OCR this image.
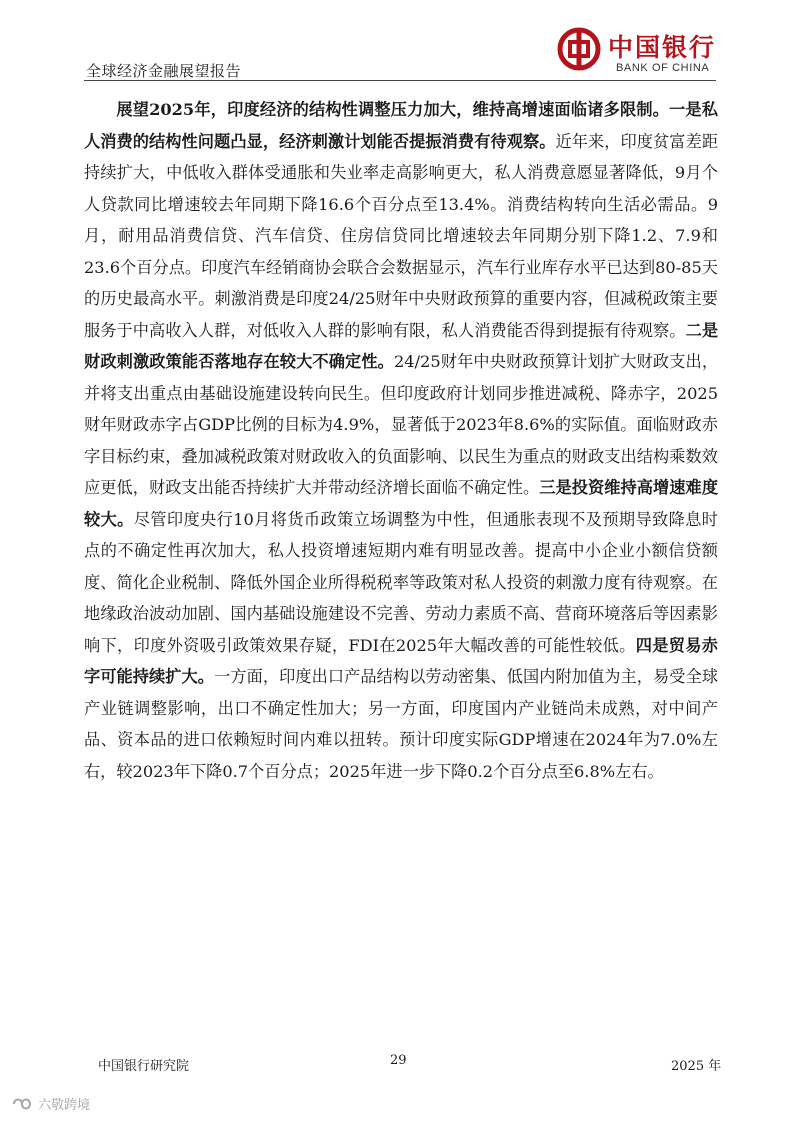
全球经济金融展望报告
中国银行
BANK OF CHINA

展望2025年，印度经济的结构性调整压力加大，维持高增速面临诸多限制。一是私人消费的结构性问题凸显，经济刺激计划能否提振消费有待观察。近年来，印度贫富差距持续扩大，中低收入群体受通胀和失业率走高影响更大，私人消费意愿显著降低，9月个人贷款同比增速较去年同期下降16.6个百分点至13.4%。消费结构转向生活必需品。9月，耐用品消费信贷、汽车信贷、住房信贷同比增速较去年同期分别下降1.2、7.9和23.6个百分点。印度汽车经销商协会联合会数据显示，汽车行业库存水平已达到80-85天的历史最高水平。刺激消费是印度24/25财年中央财政预算的重要内容，但减税政策主要服务于中高收入人群，对低收入人群的影响有限，私人消费能否得到提振有待观察。二是财政刺激政策能否落地存在较大不确定性。24/25财年中央财政预算计划扩大财政支出，并将支出重点由基础设施建设转向民生。但印度政府计划同步推进减税、降赤字，2025财年财政赤字占GDP比例的目标为4.9%，显著低于2023年8.6%的实际值。面临财政赤字目标约束，叠加减税政策对财政收入的负面影响、以民生为重点的财政支出结构乘数效应更低，财政支出能否持续扩大并带动经济增长面临不确定性。三是投资维持高增速难度较大。尽管印度央行10月将货币政策立场调整为中性，但通胀表现不及预期导致降息时点的不确定性再次加大，私人投资增速短期内难有明显改善。提高中小企业小额信贷额度、简化企业税制、降低外国企业所得税税率等政策对私人投资的刺激力度有待观察。在地缘政治波动加剧、国内基础设施建设不完善、劳动力素质不高、营商环境落后等因素影响下，印度外资吸引政策效果存疑，FDI在2025年大幅改善的可能性较低。四是贸易赤字可能持续扩大。一方面，印度出口产品结构以劳动密集、低国内附加值为主，易受全球产业链调整影响，出口不确定性加大；另一方面，印度国内产业链尚未成熟，对中间产品、资本品的进口依赖短时间内难以扭转。预计印度实际GDP增速在2024年为7.0%左右，较2023年下降0.7个百分点；2025年进一步下降0.2个百分点至6.8%左右。

中国银行研究院	29	2025 年
六敬跨境
